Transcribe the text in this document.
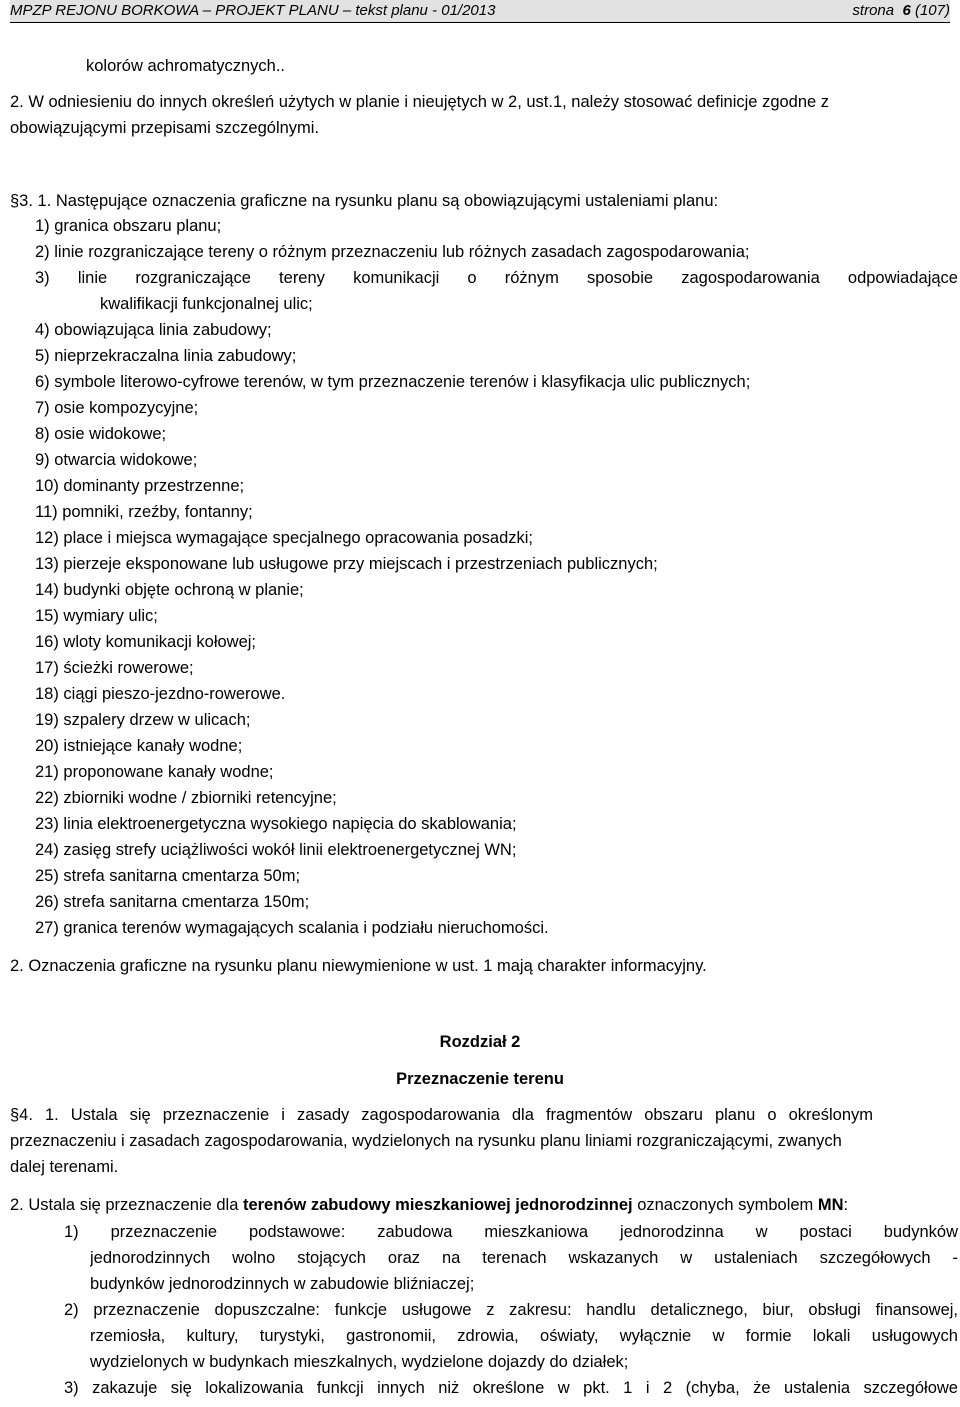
MPZP REJONU BORKOWA – PROJEKT PLANU – tekst planu - 01/2013	strona 6 (107)
kolorów achromatycznych..
2. W odniesieniu do innych określeń użytych w planie i nieujętych w 2, ust.1, należy stosować definicje zgodne z
obowiązującymi przepisami szczególnymi.
§3. 1. Następujące oznaczenia graficzne na rysunku planu są obowiązującymi ustaleniami planu:
1) granica obszaru planu;
2) linie rozgraniczające tereny o różnym przeznaczeniu lub różnych zasadach zagospodarowania;
3) linie rozgraniczające tereny komunikacji o różnym sposobie zagospodarowania odpowiadające
kwalifikacji funkcjonalnej ulic;
4) obowiązująca linia zabudowy;
5) nieprzekraczalna linia zabudowy;
6) symbole literowo-cyfrowe terenów, w tym przeznaczenie terenów i klasyfikacja ulic publicznych;
7) osie kompozycyjne;
8) osie widokowe;
9) otwarcia widokowe;
10) dominanty przestrzenne;
11) pomniki, rzeźby, fontanny;
12) place i miejsca wymagające specjalnego opracowania posadzki;
13) pierzeje eksponowane lub usługowe przy miejscach i przestrzeniach publicznych;
14) budynki objęte ochroną w planie;
15) wymiary ulic;
16) wloty komunikacji kołowej;
17) ścieżki rowerowe;
18) ciągi pieszo-jezdno-rowerowe.
19) szpalery drzew w ulicach;
20) istniejące kanały wodne;
21) proponowane kanały wodne;
22) zbiorniki wodne / zbiorniki retencyjne;
23) linia elektroenergetyczna wysokiego napięcia do skablowania;
24) zasięg strefy uciążliwości wokół linii elektroenergetycznej WN;
25) strefa sanitarna cmentarza 50m;
26) strefa sanitarna cmentarza 150m;
27) granica terenów wymagających scalania i podziału nieruchomości.
2. Oznaczenia graficzne na rysunku planu niewymienione w ust. 1 mają charakter informacyjny.
Rozdział 2
Przeznaczenie terenu
§4. 1. Ustala się przeznaczenie i zasady zagospodarowania dla fragmentów obszaru planu o określonym
przeznaczeniu i zasadach zagospodarowania, wydzielonych na rysunku planu liniami rozgraniczającymi, zwanych
dalej terenami.
2. Ustala się przeznaczenie dla terenów zabudowy mieszkaniowej jednorodzinnej oznaczonych symbolem MN:
1) przeznaczenie podstawowe: zabudowa mieszkaniowa jednorodzinna w postaci budynków
jednorodzinnych wolno stojących oraz na terenach wskazanych w ustaleniach szczegółowych -
budynków jednorodzinnych w zabudowie bliźniaczej;
2) przeznaczenie dopuszczalne: funkcje usługowe z zakresu: handlu detalicznego, biur, obsługi finansowej,
rzemiosła, kultury, turystyki, gastronomii, zdrowia, oświaty, wyłącznie w formie lokali usługowych
wydzielonych w budynkach mieszkalnych, wydzielone dojazdy do działek;
3) zakazuje się lokalizowania funkcji innych niż określone w pkt. 1 i 2 (chyba, że ustalenia szczegółowe
